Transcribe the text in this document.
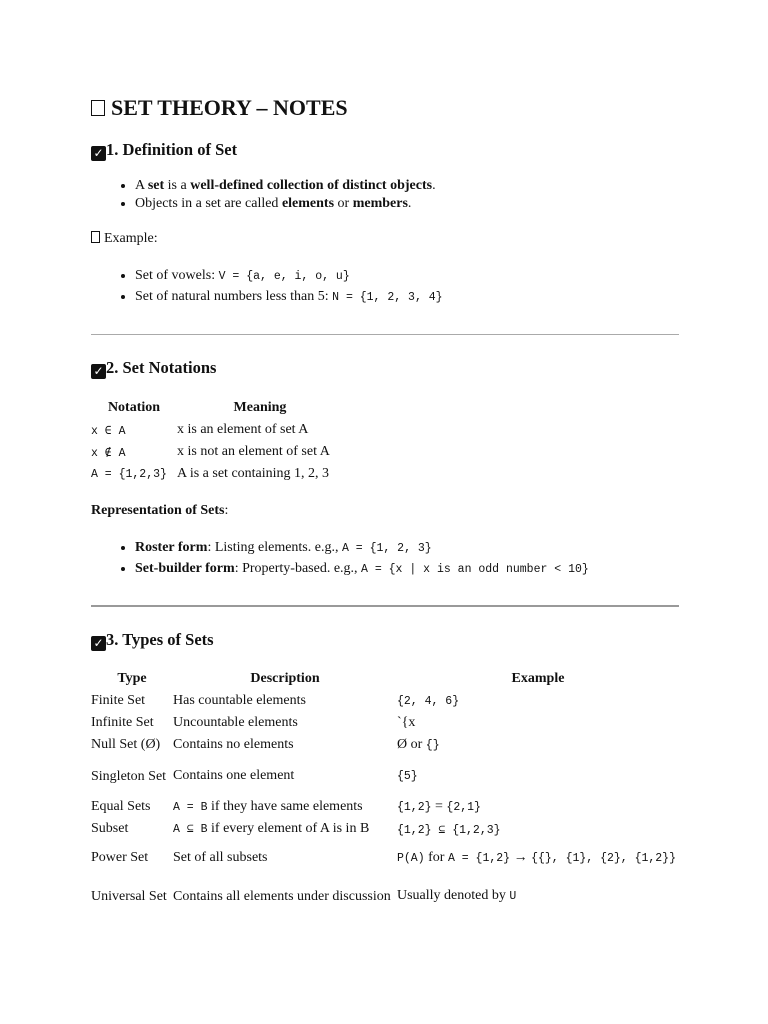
SET THEORY – NOTES
✓ 1. Definition of Set
• A set is a well-defined collection of distinct objects.
• Objects in a set are called elements or members.
Example:
• Set of vowels: V = {a, e, i, o, u}
• Set of natural numbers less than 5: N = {1, 2, 3, 4}
✓ 2. Set Notations
Notation	Meaning
x ∈ A	x is an element of set A
x ∉ A	x is not an element of set A
A = {1,2,3}	A is a set containing 1, 2, 3
Representation of Sets:
• Roster form: Listing elements. e.g., A = {1, 2, 3}
• Set-builder form: Property-based. e.g., A = {x | x is an odd number < 10}
✓ 3. Types of Sets
Type	Description	Example
Finite Set	Has countable elements	{2, 4, 6}
Infinite Set	Uncountable elements	`{x
Null Set (Ø)	Contains no elements	Ø or {}
Singleton Set	Contains one element	{5}
Equal Sets	A = B if they have same elements	{1,2} = {2,1}
Subset	A ⊆ B if every element of A is in B	{1,2} ⊆ {1,2,3}
Power Set	Set of all subsets	P(A) for A = {1,2} → {{}, {1}, {2}, {1,2}}
Universal Set	Contains all elements under discussion	Usually denoted by U
